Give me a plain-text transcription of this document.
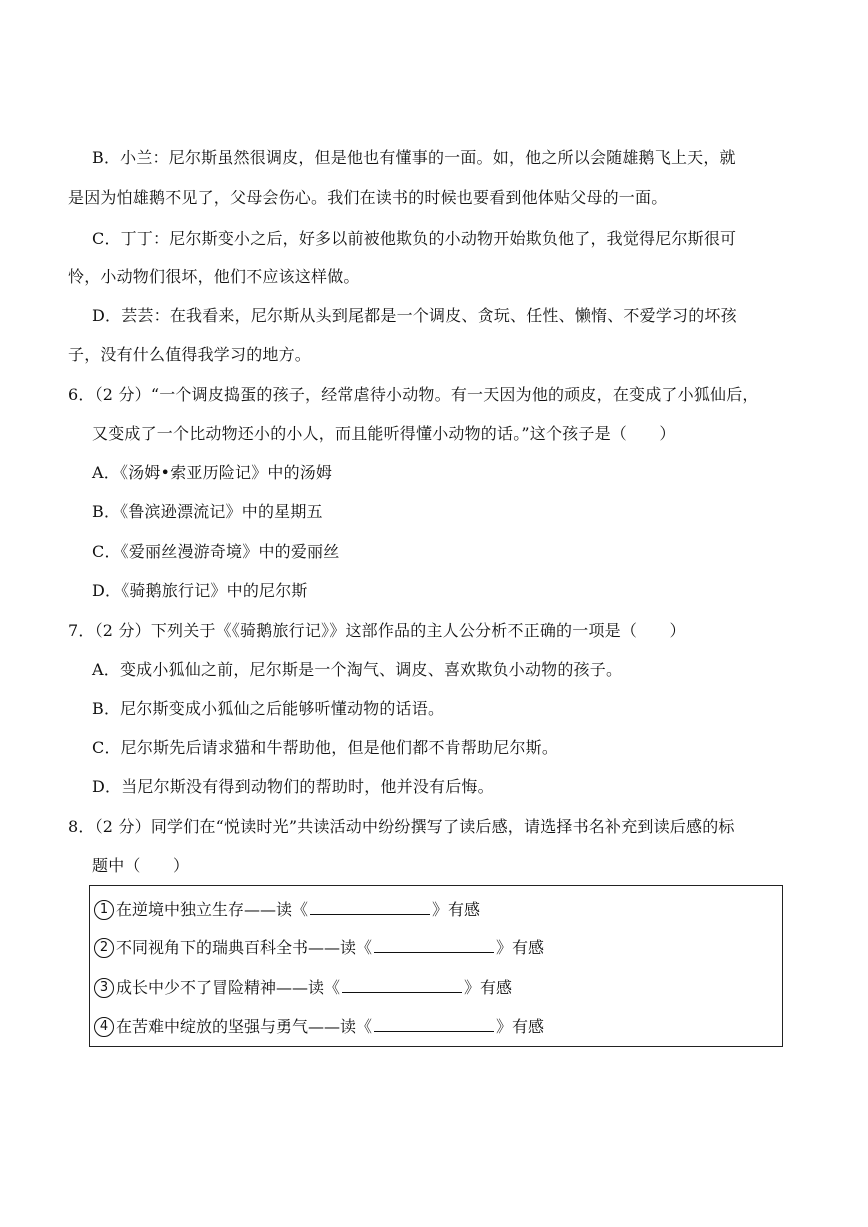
B．小兰：尼尔斯虽然很调皮，但是他也有懂事的一面。如，他之所以会随雄鹅飞上天，就
是因为怕雄鹅不见了，父母会伤心。我们在读书的时候也要看到他体贴父母的一面。
C．丁丁：尼尔斯变小之后，好多以前被他欺负的小动物开始欺负他了，我觉得尼尔斯很可
怜，小动物们很坏，他们不应该这样做。
D．芸芸：在我看来，尼尔斯从头到尾都是一个调皮、贪玩、任性、懒惰、不爱学习的坏孩
子，没有什么值得我学习的地方。
6．（2 分）“一个调皮捣蛋的孩子，经常虐待小动物。有一天因为他的顽皮，在变成了小狐仙后，
又变成了一个比动物还小的小人，而且能听得懂小动物的话。”这个孩子是（　　）
A．《汤姆•索亚历险记》中的汤姆
B．《鲁滨逊漂流记》中的星期五
C．《爱丽丝漫游奇境》中的爱丽丝
D．《骑鹅旅行记》中的尼尔斯
7．（2 分）下列关于《《骑鹅旅行记》》这部作品的主人公分析不正确的一项是（　　）
A．变成小狐仙之前，尼尔斯是一个淘气、调皮、喜欢欺负小动物的孩子。
B．尼尔斯变成小狐仙之后能够听懂动物的话语。
C．尼尔斯先后请求猫和牛帮助他，但是他们都不肯帮助尼尔斯。
D．当尼尔斯没有得到动物们的帮助时，他并没有后悔。
8．（2 分）同学们在“悦读时光”共读活动中纷纷撰写了读后感，请选择书名补充到读后感的标
题中（　　）
1 在逆境中独立生存——读《	》有感
2 不同视角下的瑞典百科全书——读《	》有感
3 成长中少不了冒险精神——读《	》有感
4 在苦难中绽放的坚强与勇气——读《	》有感
